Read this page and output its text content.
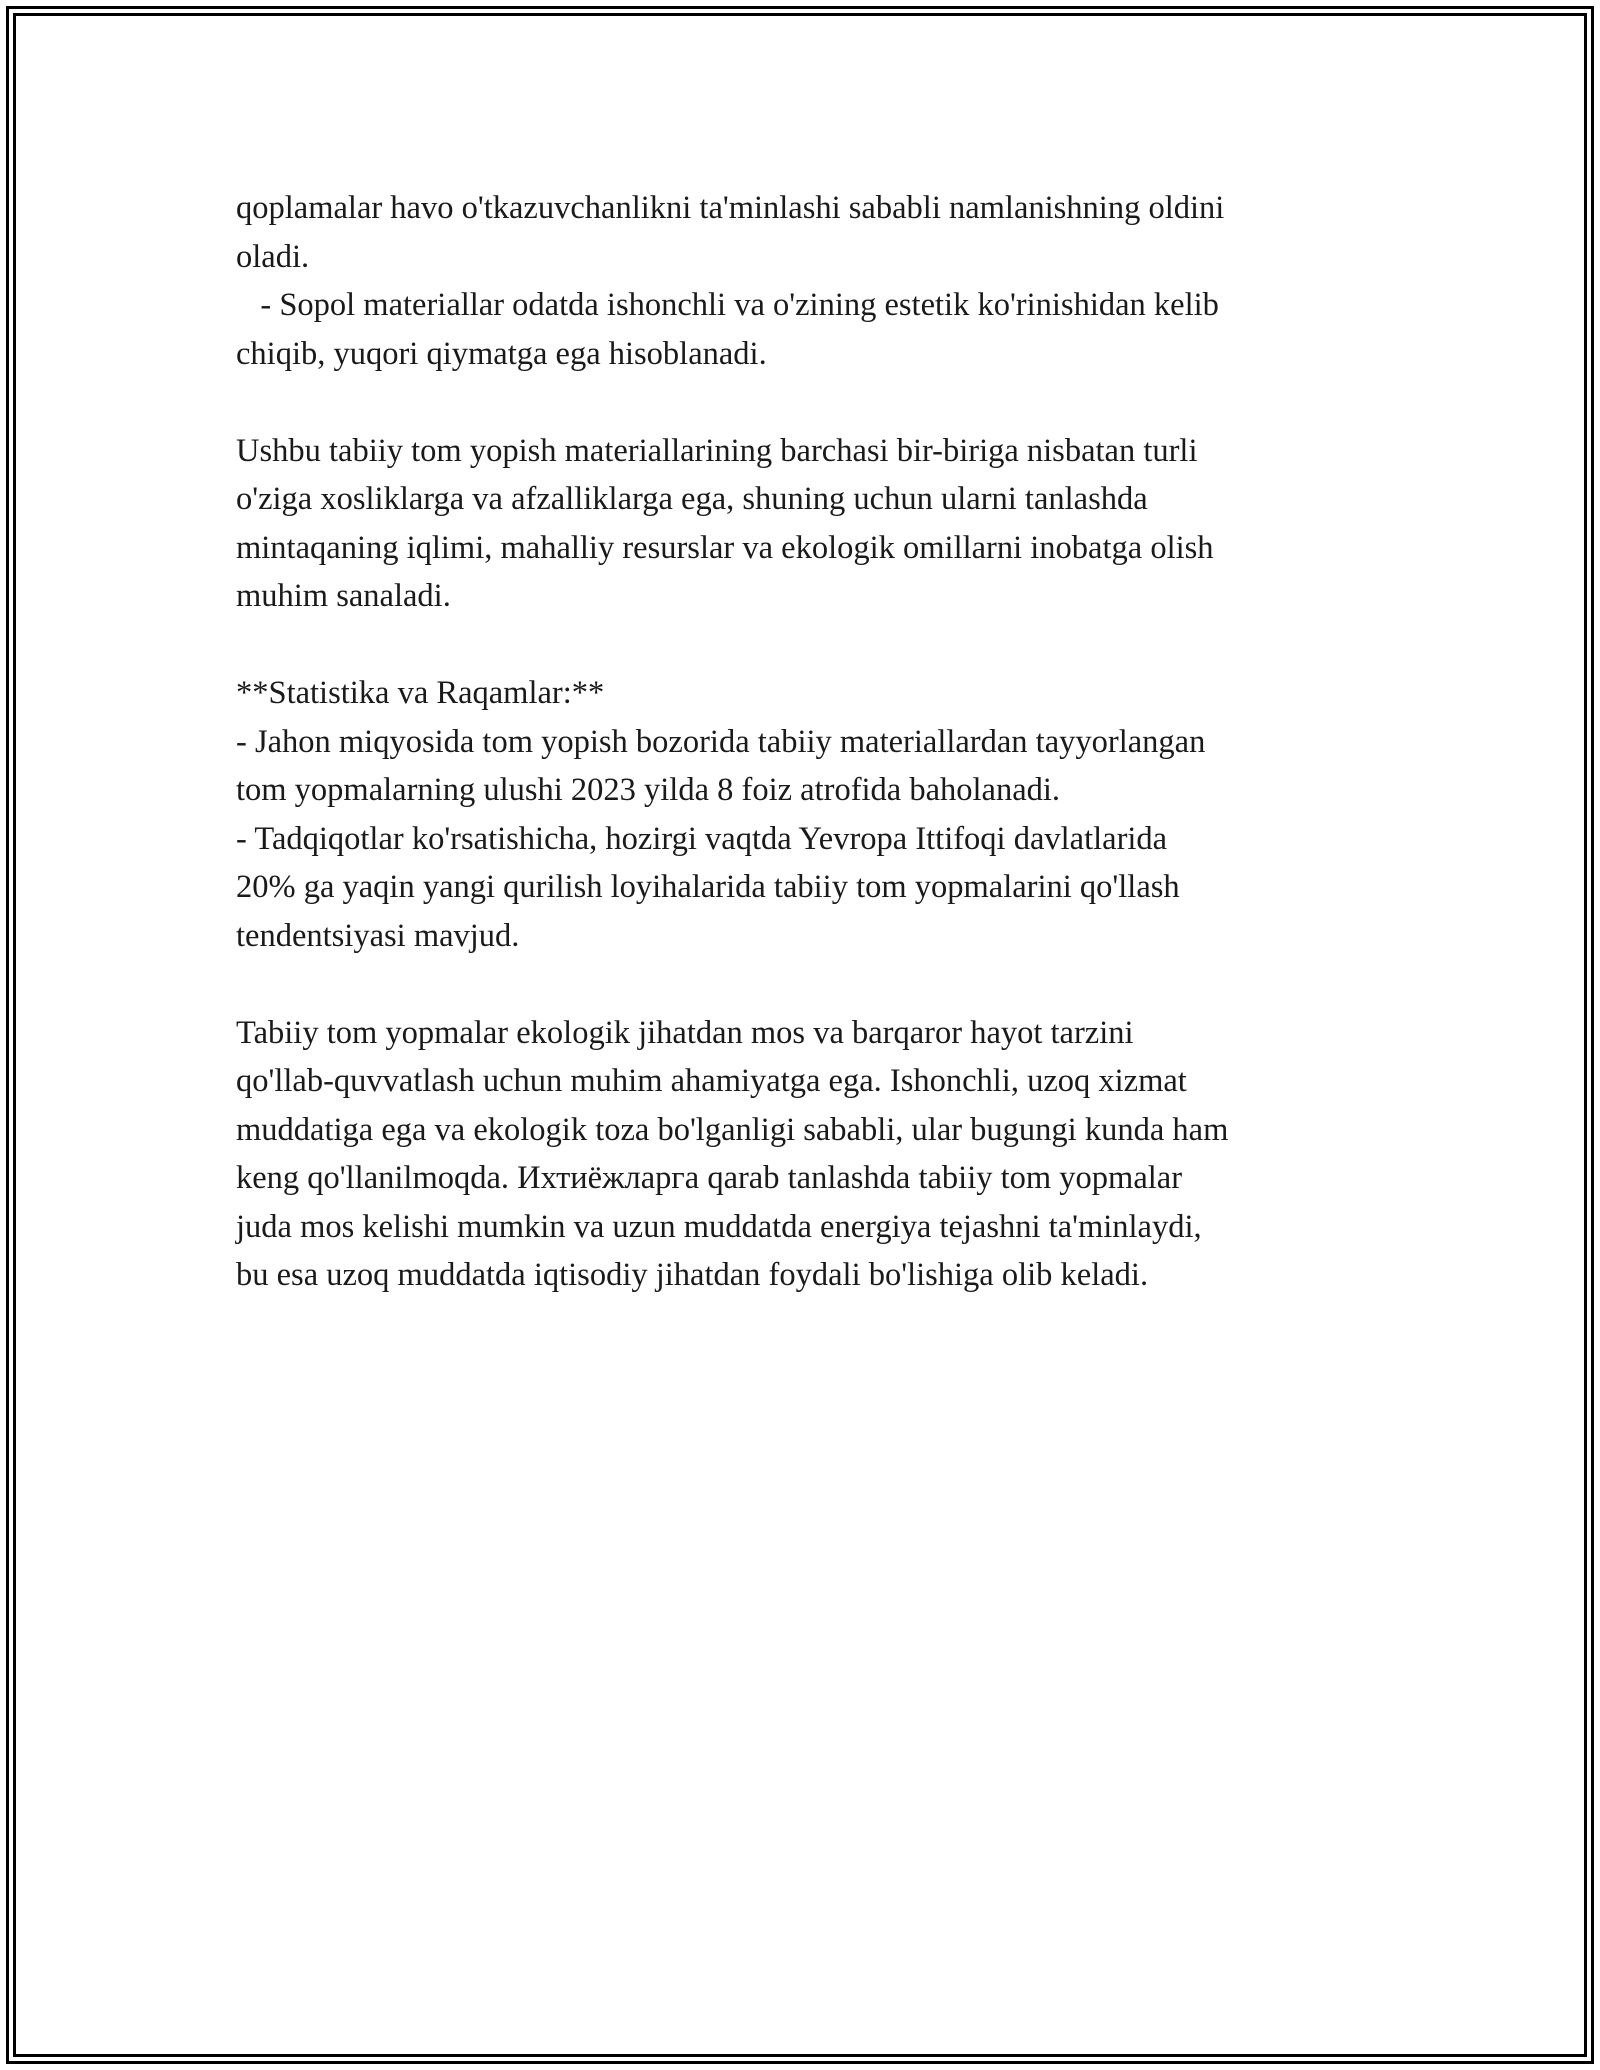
qoplamalar havo o'tkazuvchanlikni ta'minlashi sababli namlanishning oldini
oladi.
- Sopol materiallar odatda ishonchli va o'zining estetik ko'rinishidan kelib
chiqib, yuqori qiymatga ega hisoblanadi.
Ushbu tabiiy tom yopish materiallarining barchasi bir-biriga nisbatan turli
o'ziga xosliklarga va afzalliklarga ega, shuning uchun ularni tanlashda
mintaqaning iqlimi, mahalliy resurslar va ekologik omillarni inobatga olish
muhim sanaladi.
**Statistika va Raqamlar:**
- Jahon miqyosida tom yopish bozorida tabiiy materiallardan tayyorlangan
tom yopmalarning ulushi 2023 yilda 8 foiz atrofida baholanadi.
- Tadqiqotlar ko'rsatishicha, hozirgi vaqtda Yevropa Ittifoqi davlatlarida
20% ga yaqin yangi qurilish loyihalarida tabiiy tom yopmalarini qo'llash
tendentsiyasi mavjud.
Tabiiy tom yopmalar ekologik jihatdan mos va barqaror hayot tarzini
qo'llab-quvvatlash uchun muhim ahamiyatga ega. Ishonchli, uzoq xizmat
muddatiga ega va ekologik toza bo'lganligi sababli, ular bugungi kunda ham
keng qo'llanilmoqda. Ихтиёжларга qarab tanlashda tabiiy tom yopmalar
juda mos kelishi mumkin va uzun muddatda energiya tejashni ta'minlaydi,
bu esa uzoq muddatda iqtisodiy jihatdan foydali bo'lishiga olib keladi.
